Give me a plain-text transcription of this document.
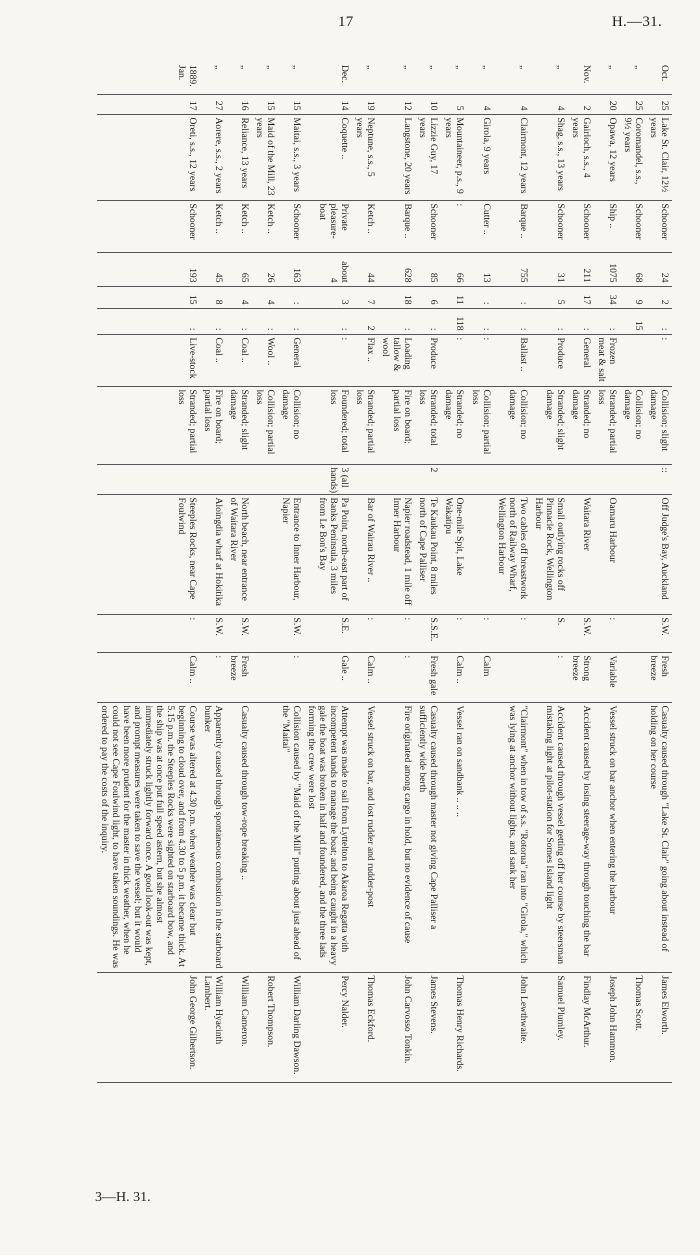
17	H.—31.
Oct.	25	Lake St. Clair, 12½ years	Schooner	24	2	:	:	Collision; slight damage	::	Off Judge's Bay, Auckland	S.W.	Fresh breeze	Casualty caused through "Lake St. Clair" going about instead of holding on her course	James Elworth.	
„	25	Coromandel, s.s., 9½ years	Schooner	68	9	15		Collision; no damage						Thomas Scott.	
„	20	Opawa, 12 years	Ship ..	1075	34	:	Frozen meat & salt	Stranded; partial loss		Oamaru Harbour	:	Variable	Vessel struck on bar anchor when entering the harbour	Joseph John Hammon.	
Nov.	2	Gairloch, s.s., 4 years	Schooner	211	17	:	General	Stranded; no damage		Waitara River	S.W.	Strong breeze	Accident caused by losing steerage-way through touching the bar	Findlay McArthur.	
„	4	Shag, s.s., 13 years	Schooner	31	5	:	Produce	Stranded; slight damage		Small outlying rocks off Pinnacle Rock, Wellington Harbour	S.	:	Accident caused through vessel getting off her course by steersman mistaking light at pilot-station for Somes Island light	Samuel Plumley.	
„	4	Clairmont, 12 years	Barque ..	755	:	:	Ballast ..	Collision; no damage		Two cables off breastwork north of Railway Wharf, Wellington Harbour	:		"Clairmont" when in tow of s.s. "Rotorua" ran into "Girola," which was lying at anchor without lights, and sank her	John Lewthwaite.	
„	4	Girola, 9 years	Cutter ..	13	:	:	:	Collision; partial loss			:	Calm			
„	5	Mountaineer, p.s., 9 years	:	66	11	118	:	Stranded; no damage		One-mile Spit, Lake Wakatipu	:	Calm ..	Vessel ran on sandbank .. .. ..	Thomas Henry Richards.	
„	10	Lizzie Guy, 17 years	Schooner	85	6	:	Produce	Stranded; total loss	2	Te Kaukau Point, 8 miles north of Cape Palliser	S.S.E.	Fresh gale	Casualty caused through master not giving Cape Palliser a sufficiently wide berth	James Stevens.	
„	12	Langstone, 20 years	Barque ..	628	18	:	Loading tallow & wool	Fire on board; partial loss		Napier roadstead, 1 mile off Inner Harbour	:	:	Fire originated among cargo in hold, but no evidence of cause	John Carvosso Tonkin.	
„	19	Neptune, s.s., 5 years	Ketch ..	44	7	2	Flax ..	Stranded; partial loss		Bar of Wairau River ..	:	Calm ..	Vessel struck on bar, and lost rudder and rudder-post	Thomas Eckford.	
Dec.	14	Coquette ..	Private pleasure-boat	about 4	3	:	:	Foundered; total loss	3 (all hands)	Pa Point, north-east part of Banks Peninsula, 3 miles from Le Bon's Bay	S.E.	Gale ..	Attempt was made to sail from Lyttelton to Akaroa Regatta with incompetent hands to manage the boat; and being caught in a heavy gale the boat was broken in half and foundered, and the three lads forming the crew were lost	Percy Nalder.	
„	15	Maitai, s.s., 3 years	Schooner	163	:	:	General	Collision; no damage		Entrance to Inner Harbour, Napier	S.W.	:	Collision caused by "Maid of the Mill" putting about just ahead of the "Maitai"	William Darling Dawson.	
„	15	Maid of the Mill, 23 years	Ketch ..	26	4	:	Wool ..	Collision; partial loss						Robert Thompson.	
„	16	Reliance, 13 years	Ketch ..	65	4	:	Coal ..	Stranded; slight damage		North beach, near entrance of Waitara River	S.W.	Fresh breeze	Casualty caused through tow-rope breaking ..	William Cameron.	
„	27	Aorere, s.s., 2 years	Ketch ..	45	8	:	Coal ..	Fire on board; partial loss		Aloingdia wharf at Hokitika	S.W.	:	Apparently caused through spontaneous combustion in the starboard bunker	William Hyacinth Lambert.	
1889. Jan.	17	Oreti, s.s., 12 years	Schooner	193	15	:	Live-stock	Stranded; partial loss		Steeples Rocks, near Cape Foulwind	:	Calm ..	Course was altered at 4.30 p.m. when weather was clear but beginning to cloud over, and from 4.30 to 5 p.m. it became thick. At 5.15 p.m. the Steeples Rocks were sighted on starboard bow, and the ship was at once put full speed astern, but she almost immediately struck lightly forward once. A good look-out was kept, and prompt measures were taken to save the vessel; but it would have been more prudent for the master in thick weather, when he could not see Cape Foulwind light, to have taken soundings. He was ordered to pay the costs of the inquiry.	John George Gilbertson.	
3—H. 31.
